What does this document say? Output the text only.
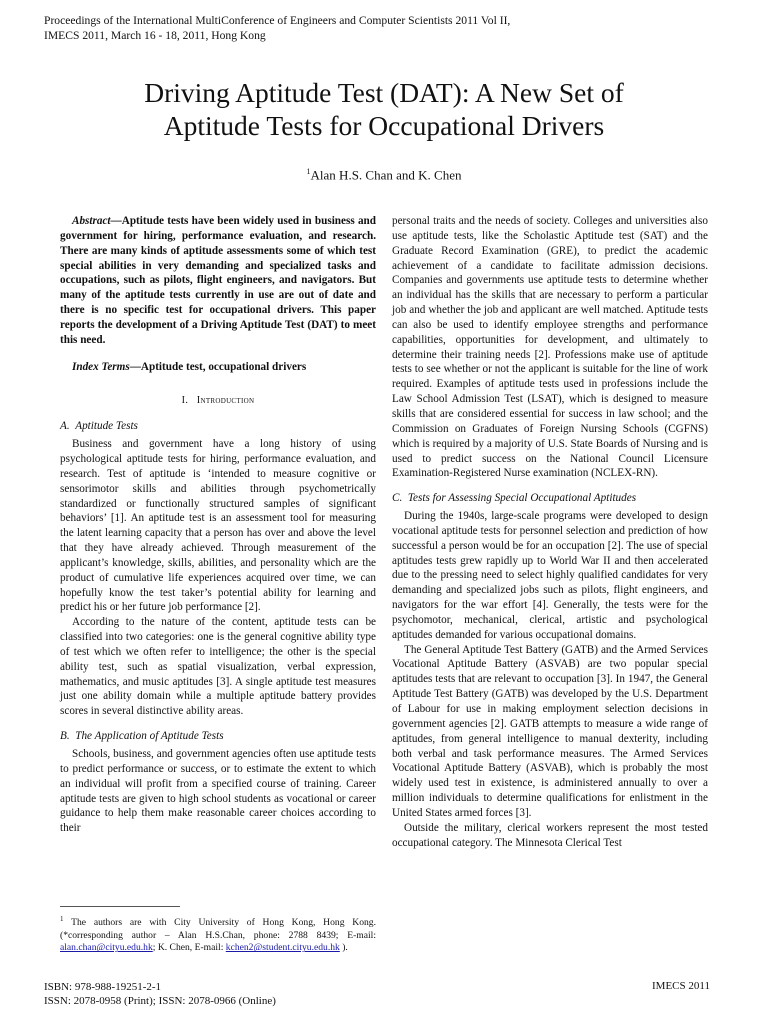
Proceedings of the International MultiConference of Engineers and Computer Scientists 2011 Vol II,
IMECS 2011, March 16 - 18, 2011, Hong Kong
Driving Aptitude Test (DAT): A New Set of
Aptitude Tests for Occupational Drivers
$^1$Alan H.S. Chan and K. Chen

Abstract—Aptitude tests have been widely used in business and government for hiring, performance evaluation, and research. There are many kinds of aptitude assessments some of which test special abilities in very demanding and specialized tasks and occupations, such as pilots, flight engineers, and navigators. But many of the aptitude tests currently in use are out of date and there is no specific test for occupational drivers. This paper reports the development of a Driving Aptitude Test (DAT) to meet this need.

Index Terms—Aptitude test, occupational drivers

I. Introduction

A. Aptitude Tests

Business and government have a long history of using psychological aptitude tests for hiring, performance evaluation, and research. Test of aptitude is ‘intended to measure cognitive or sensorimotor skills and abilities through psychometrically standardized or functionally structured samples of significant behaviors’ [1]. An aptitude test is an assessment tool for measuring the latent learning capacity that a person has over and above the level that they have already achieved. Through measurement of the applicant’s knowledge, skills, abilities, and personality which are the product of cumulative life experiences acquired over time, we can hopefully know the test taker’s potential ability for learning and predict his or her future job performance [2].

According to the nature of the content, aptitude tests can be classified into two categories: one is the general cognitive ability type of test which we often refer to intelligence; the other is the special ability test, such as spatial visualization, verbal expression, mathematics, and music aptitudes [3]. A single aptitude test measures just one ability domain while a multiple aptitude battery provides scores in several distinctive ability areas.

B. The Application of Aptitude Tests

Schools, business, and government agencies often use aptitude tests to predict performance or success, or to estimate the extent to which an individual will profit from a specified course of training. Career aptitude tests are given to high school students as vocational or career guidance to help them make reasonable career choices according to their

$^1$ The authors are with City University of Hong Kong, Hong Kong. (*corresponding author – Alan H.S.Chan, phone: 2788 8439; E-mail: alan.chan@cityu.edu.hk; K. Chen, E-mail: kchen2@student.cityu.edu.hk ).

personal traits and the needs of society. Colleges and universities also use aptitude tests, like the Scholastic Aptitude test (SAT) and the Graduate Record Examination (GRE), to predict the academic achievement of a candidate to facilitate admission decisions. Companies and governments use aptitude tests to determine whether an individual has the skills that are necessary to perform a particular job and whether the job and applicant are well matched. Aptitude tests can also be used to identify employee strengths and performance capabilities, opportunities for development, and ultimately to determine their training needs [2]. Professions make use of aptitude tests to see whether or not the applicant is suitable for the line of work required. Examples of aptitude tests used in professions include the Law School Admission Test (LSAT), which is designed to measure skills that are considered essential for success in law school; and the Commission on Graduates of Foreign Nursing Schools (CGFNS) which is required by a majority of U.S. State Boards of Nursing and is used to predict success on the National Council Licensure Examination-Registered Nurse examination (NCLEX-RN).

C. Tests for Assessing Special Occupational Aptitudes

During the 1940s, large-scale programs were developed to design vocational aptitude tests for personnel selection and prediction of how successful a person would be for an occupation [2]. The use of special aptitudes tests grew rapidly up to World War II and then accelerated due to the pressing need to select highly qualified candidates for very demanding and specialized jobs such as pilots, flight engineers, and navigators for the war effort [4]. Generally, the tests were for the psychomotor, mechanical, clerical, artistic and psychological aptitudes demanded for various occupational domains.

The General Aptitude Test Battery (GATB) and the Armed Services Vocational Aptitude Battery (ASVAB) are two popular special aptitudes tests that are relevant to occupation [3]. In 1947, the General Aptitude Test Battery (GATB) was developed by the U.S. Department of Labour for use in making employment selection decisions in government agencies [2]. GATB attempts to measure a wide range of aptitudes, from general intelligence to manual dexterity, including both verbal and task performance measures. The Armed Services Vocational Aptitude Battery (ASVAB), which is probably the most widely used test in existence, is administered annually to over a million individuals to determine qualifications for enlistment in the United States armed forces [3].

Outside the military, clerical workers represent the most tested occupational category. The Minnesota Clerical Test

ISBN: 978-988-19251-2-1
ISSN: 2078-0958 (Print); ISSN: 2078-0966 (Online)
IMECS 2011
